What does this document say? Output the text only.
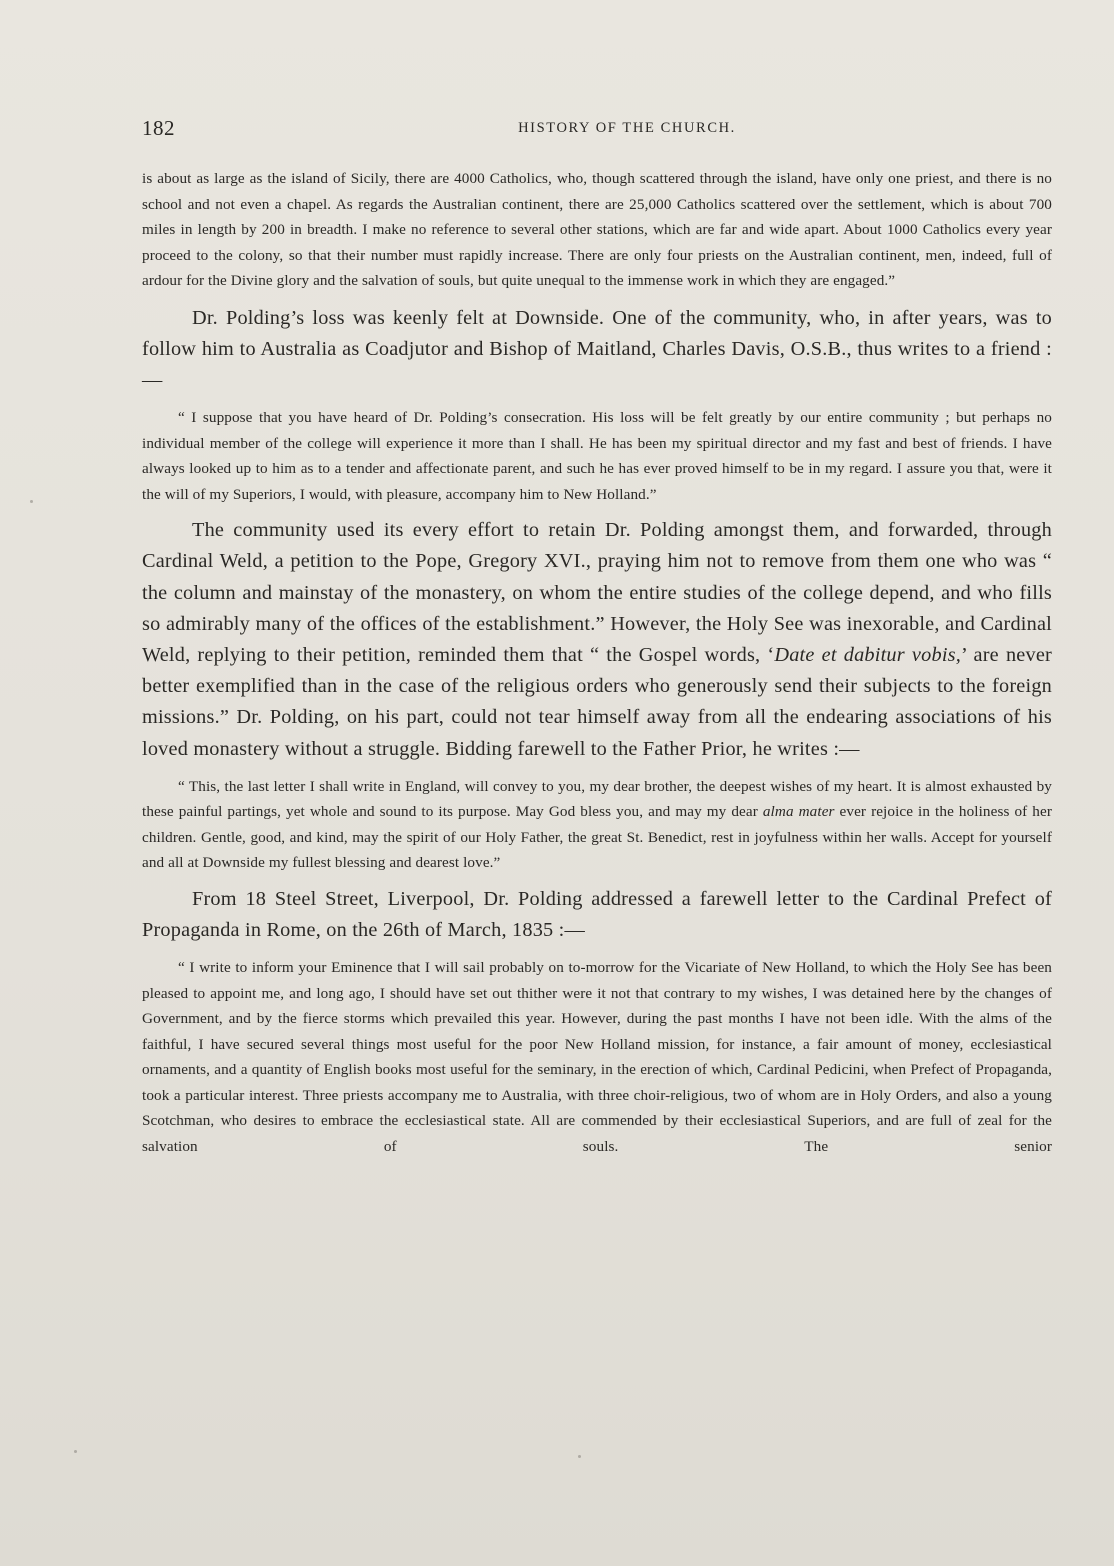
182	HISTORY OF THE CHURCH.

is about as large as the island of Sicily, there are 4000 Catholics, who, though scattered through the island, have only one priest, and there is no school and not even a chapel. As regards the Australian continent, there are 25,000 Catholics scattered over the settlement, which is about 700 miles in length by 200 in breadth. I make no reference to several other stations, which are far and wide apart. About 1000 Catholics every year proceed to the colony, so that their number must rapidly increase. There are only four priests on the Australian continent, men, indeed, full of ardour for the Divine glory and the salvation of souls, but quite unequal to the immense work in which they are engaged.”

Dr. Polding’s loss was keenly felt at Downside. One of the community, who, in after years, was to follow him to Australia as Coadjutor and Bishop of Maitland, Charles Davis, O.S.B., thus writes to a friend :—

“ I suppose that you have heard of Dr. Polding’s consecration. His loss will be felt greatly by our entire community ; but perhaps no individual member of the college will experience it more than I shall. He has been my spiritual director and my fast and best of friends. I have always looked up to him as to a tender and affectionate parent, and such he has ever proved himself to be in my regard. I assure you that, were it the will of my Superiors, I would, with pleasure, accompany him to New Holland.”

The community used its every effort to retain Dr. Polding amongst them, and forwarded, through Cardinal Weld, a petition to the Pope, Gregory XVI., praying him not to remove from them one who was “ the column and mainstay of the monastery, on whom the entire studies of the college depend, and who fills so admirably many of the offices of the establishment.” However, the Holy See was inexorable, and Cardinal Weld, replying to their petition, reminded them that “ the Gospel words, ‘Date et dabitur vobis,’ are never better exemplified than in the case of the religious orders who generously send their subjects to the foreign missions.” Dr. Polding, on his part, could not tear himself away from all the endearing associations of his loved monastery without a struggle. Bidding farewell to the Father Prior, he writes :—

“ This, the last letter I shall write in England, will convey to you, my dear brother, the deepest wishes of my heart. It is almost exhausted by these painful partings, yet whole and sound to its purpose. May God bless you, and may my dear alma mater ever rejoice in the holiness of her children. Gentle, good, and kind, may the spirit of our Holy Father, the great St. Benedict, rest in joyfulness within her walls. Accept for yourself and all at Downside my fullest blessing and dearest love.”

From 18 Steel Street, Liverpool, Dr. Polding addressed a farewell letter to the Cardinal Prefect of Propaganda in Rome, on the 26th of March, 1835 :—

“ I write to inform your Eminence that I will sail probably on to-morrow for the Vicariate of New Holland, to which the Holy See has been pleased to appoint me, and long ago, I should have set out thither were it not that contrary to my wishes, I was detained here by the changes of Government, and by the fierce storms which prevailed this year. However, during the past months I have not been idle. With the alms of the faithful, I have secured several things most useful for the poor New Holland mission, for instance, a fair amount of money, ecclesiastical ornaments, and a quantity of English books most useful for the seminary, in the erection of which, Cardinal Pedicini, when Prefect of Propaganda, took a particular interest. Three priests accompany me to Australia, with three choir-religious, two of whom are in Holy Orders, and also a young Scotchman, who desires to embrace the ecclesiastical state. All are commended by their ecclesiastical Superiors, and are full of zeal for the salvation of souls. The senior
